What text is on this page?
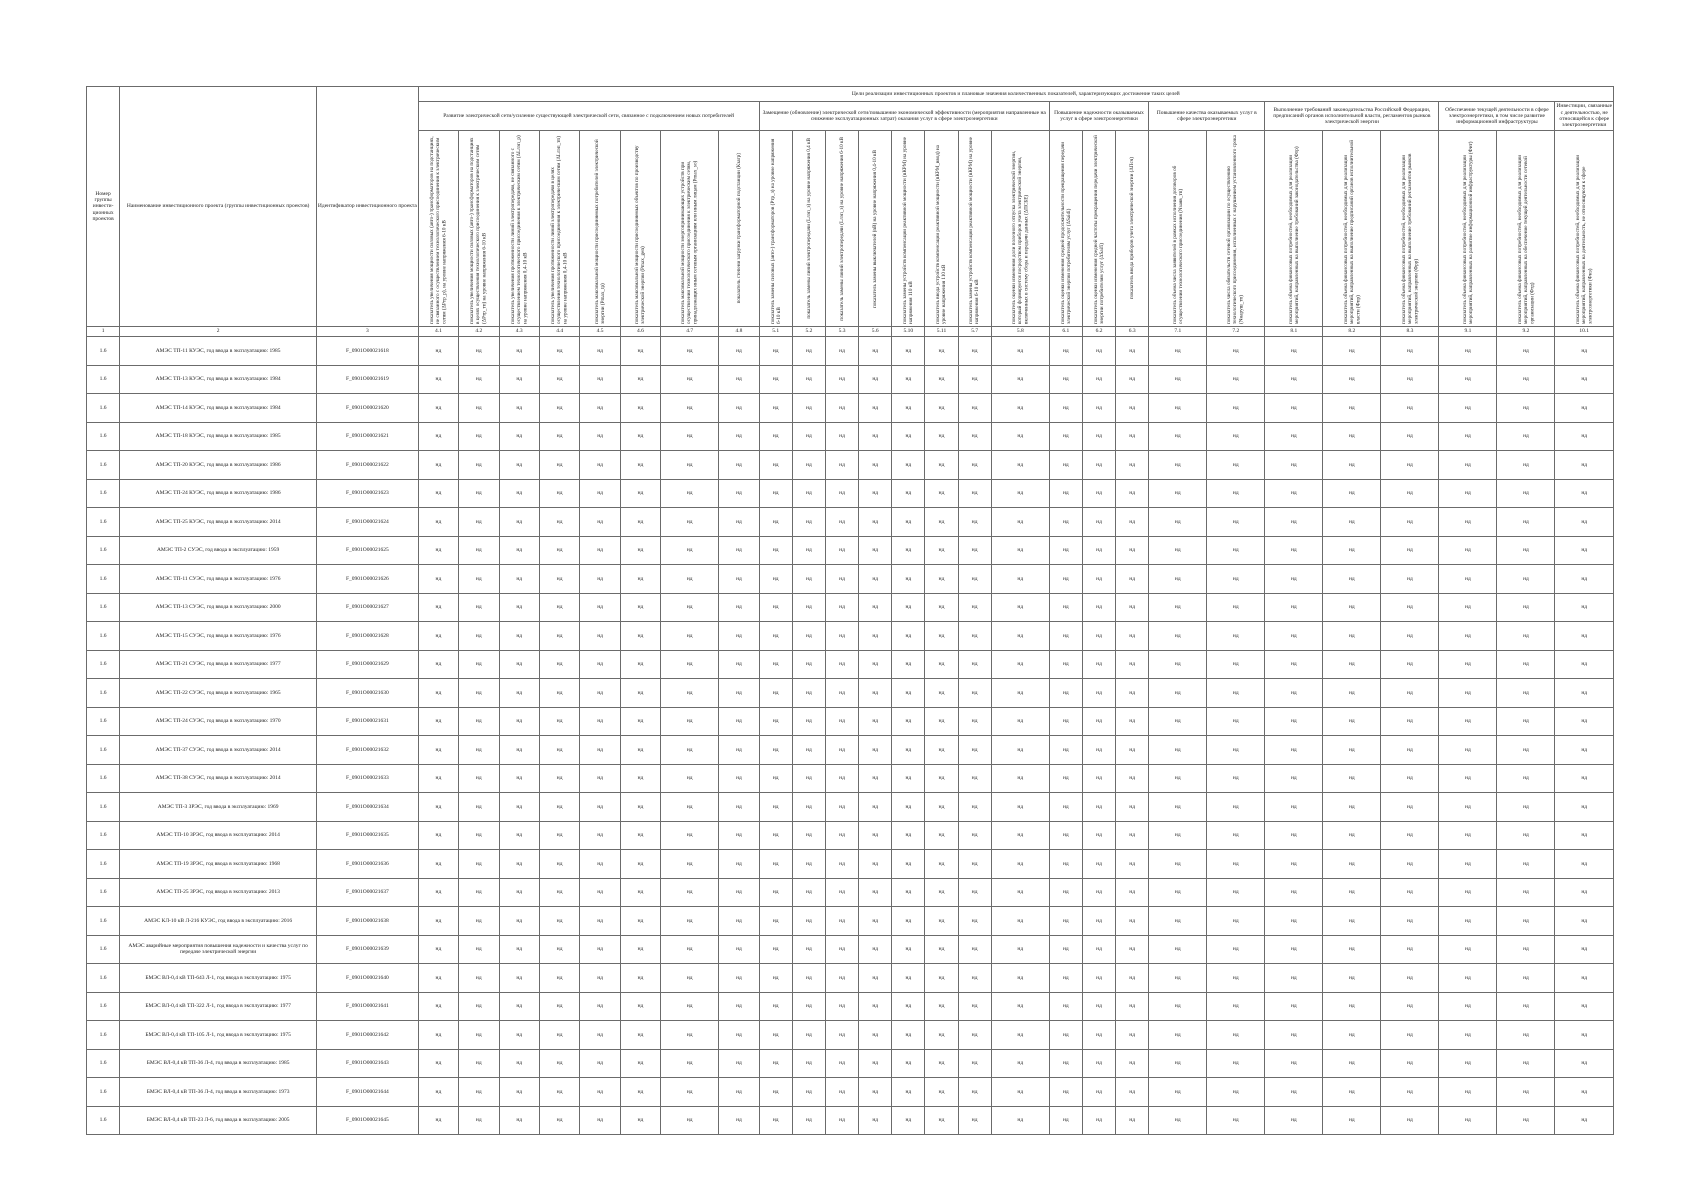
Номер группы инвести-ционных проектов	Наименование инвестиционного проекта (группы инвестиционных проектов)	Идентификатор инвестиционного проекта	Цели реализации инвестиционных проектов и плановые значения количественных показателей, характеризующих достижение таких целей																										
			Развитие электрической сети/усиление существующей электрической сети, связанное с подключением новых потребителей								Замещение (обновление) электрической сети/повышение экономической эффективности (мероприятия направленные на снижение эксплуатационных затрат) оказания услуг в сфере электроэнергетики								Повышение надежности оказываемых услуг в сфере электроэнергетики			Повышение качества оказываемых услуг в сфере электроэнергетики		Выполнение требований законодательства Российской Федерации, предписаний органов исполнительной власти, регламентов рынков электрической энергии			Обеспечение текущей деятельности в сфере электроэнергетики, в том числе развитие информационной инфраструктуры		Инвестиции, связанные с деятельностью, не относящейся к сфере электроэнергетики

			показатель увеличения мощности силовых (авто-) трансформаторов на подстанциях, не связанного с осуществлением технологического присоединения к электрическим сетям (ΔPтр_р), на уровне напряжения 6-10 кВ	показатель увеличения мощности силовых (авто-) трансформаторов на подстанциях в целях осуществления технологического присоединения к электрическим сетям (ΔPтр_тп) на уровне напряжения 6-10 кВ	показатель увеличения протяженности линий электропередачи, не связанного с осуществлением технологического присоединения к электрическим сетям (ΔLлэп_р) на уровне напряжения 0,4-10 кВ	показатель увеличения протяженности линий электропередачи в целях осуществления технологического присоединения к электрическим сетям (ΔLлэп_тп) на уровне напряжения 0,4-10 кВ	показатель максимальной мощности присоединяемых потребителей электрической энергии (Pmax_tp)	показатель максимальной мощности присоединяемых объектов по производству электрической энергии (Pmax_gen)	показатель максимальной мощности энергопринимающих устройств при осуществлении технологического присоединения к электрическим сетям, принадлежащих иным сетевым организациям или иным лицам (Pmax_so)	показатель степени загрузки трансформаторной подстанции (Кзагр)	показатель замены силовых (авто-) трансформаторов (Pтр_з) на уровне напряжения 6-10 кВ	показатель замены линий электропередачи (Lлэп_з) на уровне напряжения 0,4 кВ	показатель замены линий электропередачи (Lлэп_з) на уровне напряжения 6-10 кВ	показатель замены выключателей (nВ) на уровне напряжения 0,4-10 кВ	показатель замены устройств компенсации реактивной мощности (nКРМ) на уровне напряжения 110 кВ	показатель ввода устройств компенсации реактивной мощности (nКРМ_ввод) на уровне напряжения 110 кВ	показатель замены устройств компенсации реактивной мощности (nКРМ) на уровне напряжения 6-10 кВ	показатель оценки изменения доли полезного отпуска электрической энергии, который формируется посредством приборов учета электрической энергии, включенных в систему сбора и передачи данных (ΔПСБЕ)	показатель оценки изменения средней продолжительности прекращения передачи электрической энергии потребителям услуг (ΔSaidi)	показатель оценки изменения средней частоты прекращения передачи электрической энергии потребителям услуг (ΔSaifi)	показатель ввода приборов учета электрической энергии (ΔПсч)	показатель объема числа заявителей в рамках исполнения договоров об осуществлении технологического присоединения (Nзаяв_тп)	показатель числа обязательств сетевой организации по осуществлению технологического присоединения, исполненных с нарушением установленного срока (Nнаруш_тп)	показатель объема финансовых потребностей, необходимых для реализации мероприятий, направленных на выполнение требований законодательства (Фтр)	показатель объема финансовых потребностей, необходимых для реализации мероприятий, направленных на выполнение предписаний органов исполнительной власти (Фпр)	показатель объема финансовых потребностей, необходимых для реализации мероприятий, направленных на выполнение требований регламентов рынков электрической энергии (Фрр)	показатель объема финансовых потребностей, необходимых для реализации мероприятий, направленных на развитие информационной инфраструктуры (Фит)	показатель объема финансовых потребностей, необходимых для реализации мероприятий, направленных на обеспечение текущей деятельности сетевой организации (Фтд)	показатель объема финансовых потребностей, необходимых для реализации мероприятий, направленных на деятельность, не относящуюся к сфере электроэнергетики (Фнэ)

1	2	3	4.1	4.2	4.3	4.4	4.5	4.6	4.7	4.8	5.1	5.2	5.3	5.6	5.10	5.11	5.7	5.8	6.1	6.2	6.3	7.1	7.2	8.1	8.2	8.3	9.1	9.2	10.1
1.6	АМЭС ТП-11 КУЭС, год ввода в эксплуатацию: 1985	F_0901O00021618	нд	нд	нд	нд	нд	нд	нд	нд	нд	нд	нд	нд	нд	нд	нд	нд	нд	нд	нд	нд	нд	нд	нд	нд	нд	нд	нд
1.6	АМЭС ТП-13 КУЭС, год ввода в эксплуатацию: 1984	F_0901O00021619	нд	нд	нд	нд	нд	нд	нд	нд	нд	нд	нд	нд	нд	нд	нд	нд	нд	нд	нд	нд	нд	нд	нд	нд	нд	нд	нд
1.6	АМЭС ТП-14 КУЭС, год ввода в эксплуатацию: 1984	F_0901O00021620	нд	нд	нд	нд	нд	нд	нд	нд	нд	нд	нд	нд	нд	нд	нд	нд	нд	нд	нд	нд	нд	нд	нд	нд	нд	нд	нд
1.6	АМЭС ТП-18 КУЭС, год ввода в эксплуатацию: 1985	F_0901O00021621	нд	нд	нд	нд	нд	нд	нд	нд	нд	нд	нд	нд	нд	нд	нд	нд	нд	нд	нд	нд	нд	нд	нд	нд	нд	нд	нд
1.6	АМЭС ТП-20 КУЭС, год ввода в эксплуатацию: 1986	F_0901O00021622	нд	нд	нд	нд	нд	нд	нд	нд	нд	нд	нд	нд	нд	нд	нд	нд	нд	нд	нд	нд	нд	нд	нд	нд	нд	нд	нд
1.6	АМЭС ТП-24 КУЭС, год ввода в эксплуатацию: 1986	F_0901O00021623	нд	нд	нд	нд	нд	нд	нд	нд	нд	нд	нд	нд	нд	нд	нд	нд	нд	нд	нд	нд	нд	нд	нд	нд	нд	нд	нд
1.6	АМЭС ТП-25 КУЭС, год ввода в эксплуатацию: 2014	F_0901O00021624	нд	нд	нд	нд	нд	нд	нд	нд	нд	нд	нд	нд	нд	нд	нд	нд	нд	нд	нд	нд	нд	нд	нд	нд	нд	нд	нд
1.6	АМЭС ТП-2 СУЭС, год ввода в эксплуатацию: 1959	F_0901O00021625	нд	нд	нд	нд	нд	нд	нд	нд	нд	нд	нд	нд	нд	нд	нд	нд	нд	нд	нд	нд	нд	нд	нд	нд	нд	нд	нд
1.6	АМЭС ТП-11 СУЭС, год ввода в эксплуатацию: 1976	F_0901O00021626	нд	нд	нд	нд	нд	нд	нд	нд	нд	нд	нд	нд	нд	нд	нд	нд	нд	нд	нд	нд	нд	нд	нд	нд	нд	нд	нд
1.6	АМЭС ТП-13 СУЭС, год ввода в эксплуатацию: 2000	F_0901O00021627	нд	нд	нд	нд	нд	нд	нд	нд	нд	нд	нд	нд	нд	нд	нд	нд	нд	нд	нд	нд	нд	нд	нд	нд	нд	нд	нд
1.6	АМЭС ТП-15 СУЭС, год ввода в эксплуатацию: 1976	F_0901O00021628	нд	нд	нд	нд	нд	нд	нд	нд	нд	нд	нд	нд	нд	нд	нд	нд	нд	нд	нд	нд	нд	нд	нд	нд	нд	нд	нд
1.6	АМЭС ТП-21 СУЭС, год ввода в эксплуатацию: 1977	F_0901O00021629	нд	нд	нд	нд	нд	нд	нд	нд	нд	нд	нд	нд	нд	нд	нд	нд	нд	нд	нд	нд	нд	нд	нд	нд	нд	нд	нд
1.6	АМЭС ТП-22 СУЭС, год ввода в эксплуатацию: 1965	F_0901O00021630	нд	нд	нд	нд	нд	нд	нд	нд	нд	нд	нд	нд	нд	нд	нд	нд	нд	нд	нд	нд	нд	нд	нд	нд	нд	нд	нд
1.6	АМЭС ТП-24 СУЭС, год ввода в эксплуатацию: 1970	F_0901O00021631	нд	нд	нд	нд	нд	нд	нд	нд	нд	нд	нд	нд	нд	нд	нд	нд	нд	нд	нд	нд	нд	нд	нд	нд	нд	нд	нд
1.6	АМЭС ТП-37 СУЭС, год ввода в эксплуатацию: 2014	F_0901O00021632	нд	нд	нд	нд	нд	нд	нд	нд	нд	нд	нд	нд	нд	нд	нд	нд	нд	нд	нд	нд	нд	нд	нд	нд	нд	нд	нд
1.6	АМЭС ТП-38 СУЭС, год ввода в эксплуатацию: 2014	F_0901O00021633	нд	нд	нд	нд	нд	нд	нд	нд	нд	нд	нд	нд	нд	нд	нд	нд	нд	нд	нд	нд	нд	нд	нд	нд	нд	нд	нд
1.6	АМЭС ТП-3 ЗРЭС, год ввода в эксплуатацию: 1969	F_0901O00021634	нд	нд	нд	нд	нд	нд	нд	нд	нд	нд	нд	нд	нд	нд	нд	нд	нд	нд	нд	нд	нд	нд	нд	нд	нд	нд	нд
1.6	АМЭС ТП-10 ЗРЭС, год ввода в эксплуатацию: 2014	F_0901O00021635	нд	нд	нд	нд	нд	нд	нд	нд	нд	нд	нд	нд	нд	нд	нд	нд	нд	нд	нд	нд	нд	нд	нд	нд	нд	нд	нд
1.6	АМЭС ТП-19 ЗРЭС, год ввода в эксплуатацию: 1968	F_0901O00021636	нд	нд	нд	нд	нд	нд	нд	нд	нд	нд	нд	нд	нд	нд	нд	нд	нд	нд	нд	нд	нд	нд	нд	нд	нд	нд	нд
1.6	АМЭС ТП-25 ЗРЭС, год ввода в эксплуатацию: 2013	F_0901O00021637	нд	нд	нд	нд	нд	нд	нд	нд	нд	нд	нд	нд	нд	нд	нд	нд	нд	нд	нд	нд	нд	нд	нд	нд	нд	нд	нд
1.6	АМЭС КЛ-10 кВ Л-216 КУЭС, год ввода в эксплуатацию: 2016	F_0901O00021638	нд	нд	нд	нд	нд	нд	нд	нд	нд	нд	нд	нд	нд	нд	нд	нд	нд	нд	нд	нд	нд	нд	нд	нд	нд	нд	нд
1.6	АМЭС аварийные мероприятия повышения надежности и качества услуг по передаче электрической энергии	F_0901O00021639	нд	нд	нд	нд	нд	нд	нд	нд	нд	нд	нд	нд	нд	нд	нд	нд	нд	нд	нд	нд	нд	нд	нд	нд	нд	нд	нд
1.6	БМЭС ВЛ-0,4 кВ ТП-643 Л-1, год ввода в эксплуатацию: 1975	F_0901O00021640	нд	нд	нд	нд	нд	нд	нд	нд	нд	нд	нд	нд	нд	нд	нд	нд	нд	нд	нд	нд	нд	нд	нд	нд	нд	нд	нд
1.6	БМЭС ВЛ-0,4 кВ ТП-322 Л-1, год ввода в эксплуатацию: 1977	F_0901O00021641	нд	нд	нд	нд	нд	нд	нд	нд	нд	нд	нд	нд	нд	нд	нд	нд	нд	нд	нд	нд	нд	нд	нд	нд	нд	нд	нд
1.6	БМЭС ВЛ-0,4 кВ ТП-105 Л-1, год ввода в эксплуатацию: 1975	F_0901O00021642	нд	нд	нд	нд	нд	нд	нд	нд	нд	нд	нд	нд	нд	нд	нд	нд	нд	нд	нд	нд	нд	нд	нд	нд	нд	нд	нд
1.6	БМЭС ВЛ-0,4 кВ ТП-36 Л-4, год ввода в эксплуатацию: 1985	F_0901O00021643	нд	нд	нд	нд	нд	нд	нд	нд	нд	нд	нд	нд	нд	нд	нд	нд	нд	нд	нд	нд	нд	нд	нд	нд	нд	нд	нд
1.6	БМЭС ВЛ-0,4 кВ ТП-36 Л-4, год ввода в эксплуатацию: 1973	F_0901O00021644	нд	нд	нд	нд	нд	нд	нд	нд	нд	нд	нд	нд	нд	нд	нд	нд	нд	нд	нд	нд	нд	нд	нд	нд	нд	нд	нд
1.6	БМЭС ВЛ-0,4 кВ ТП-23 Л-6, год ввода в эксплуатацию: 2005	F_0901O00021645	нд	нд	нд	нд	нд	нд	нд	нд	нд	нд	нд	нд	нд	нд	нд	нд	нд	нд	нд	нд	нд	нд	нд	нд	нд	нд	нд
